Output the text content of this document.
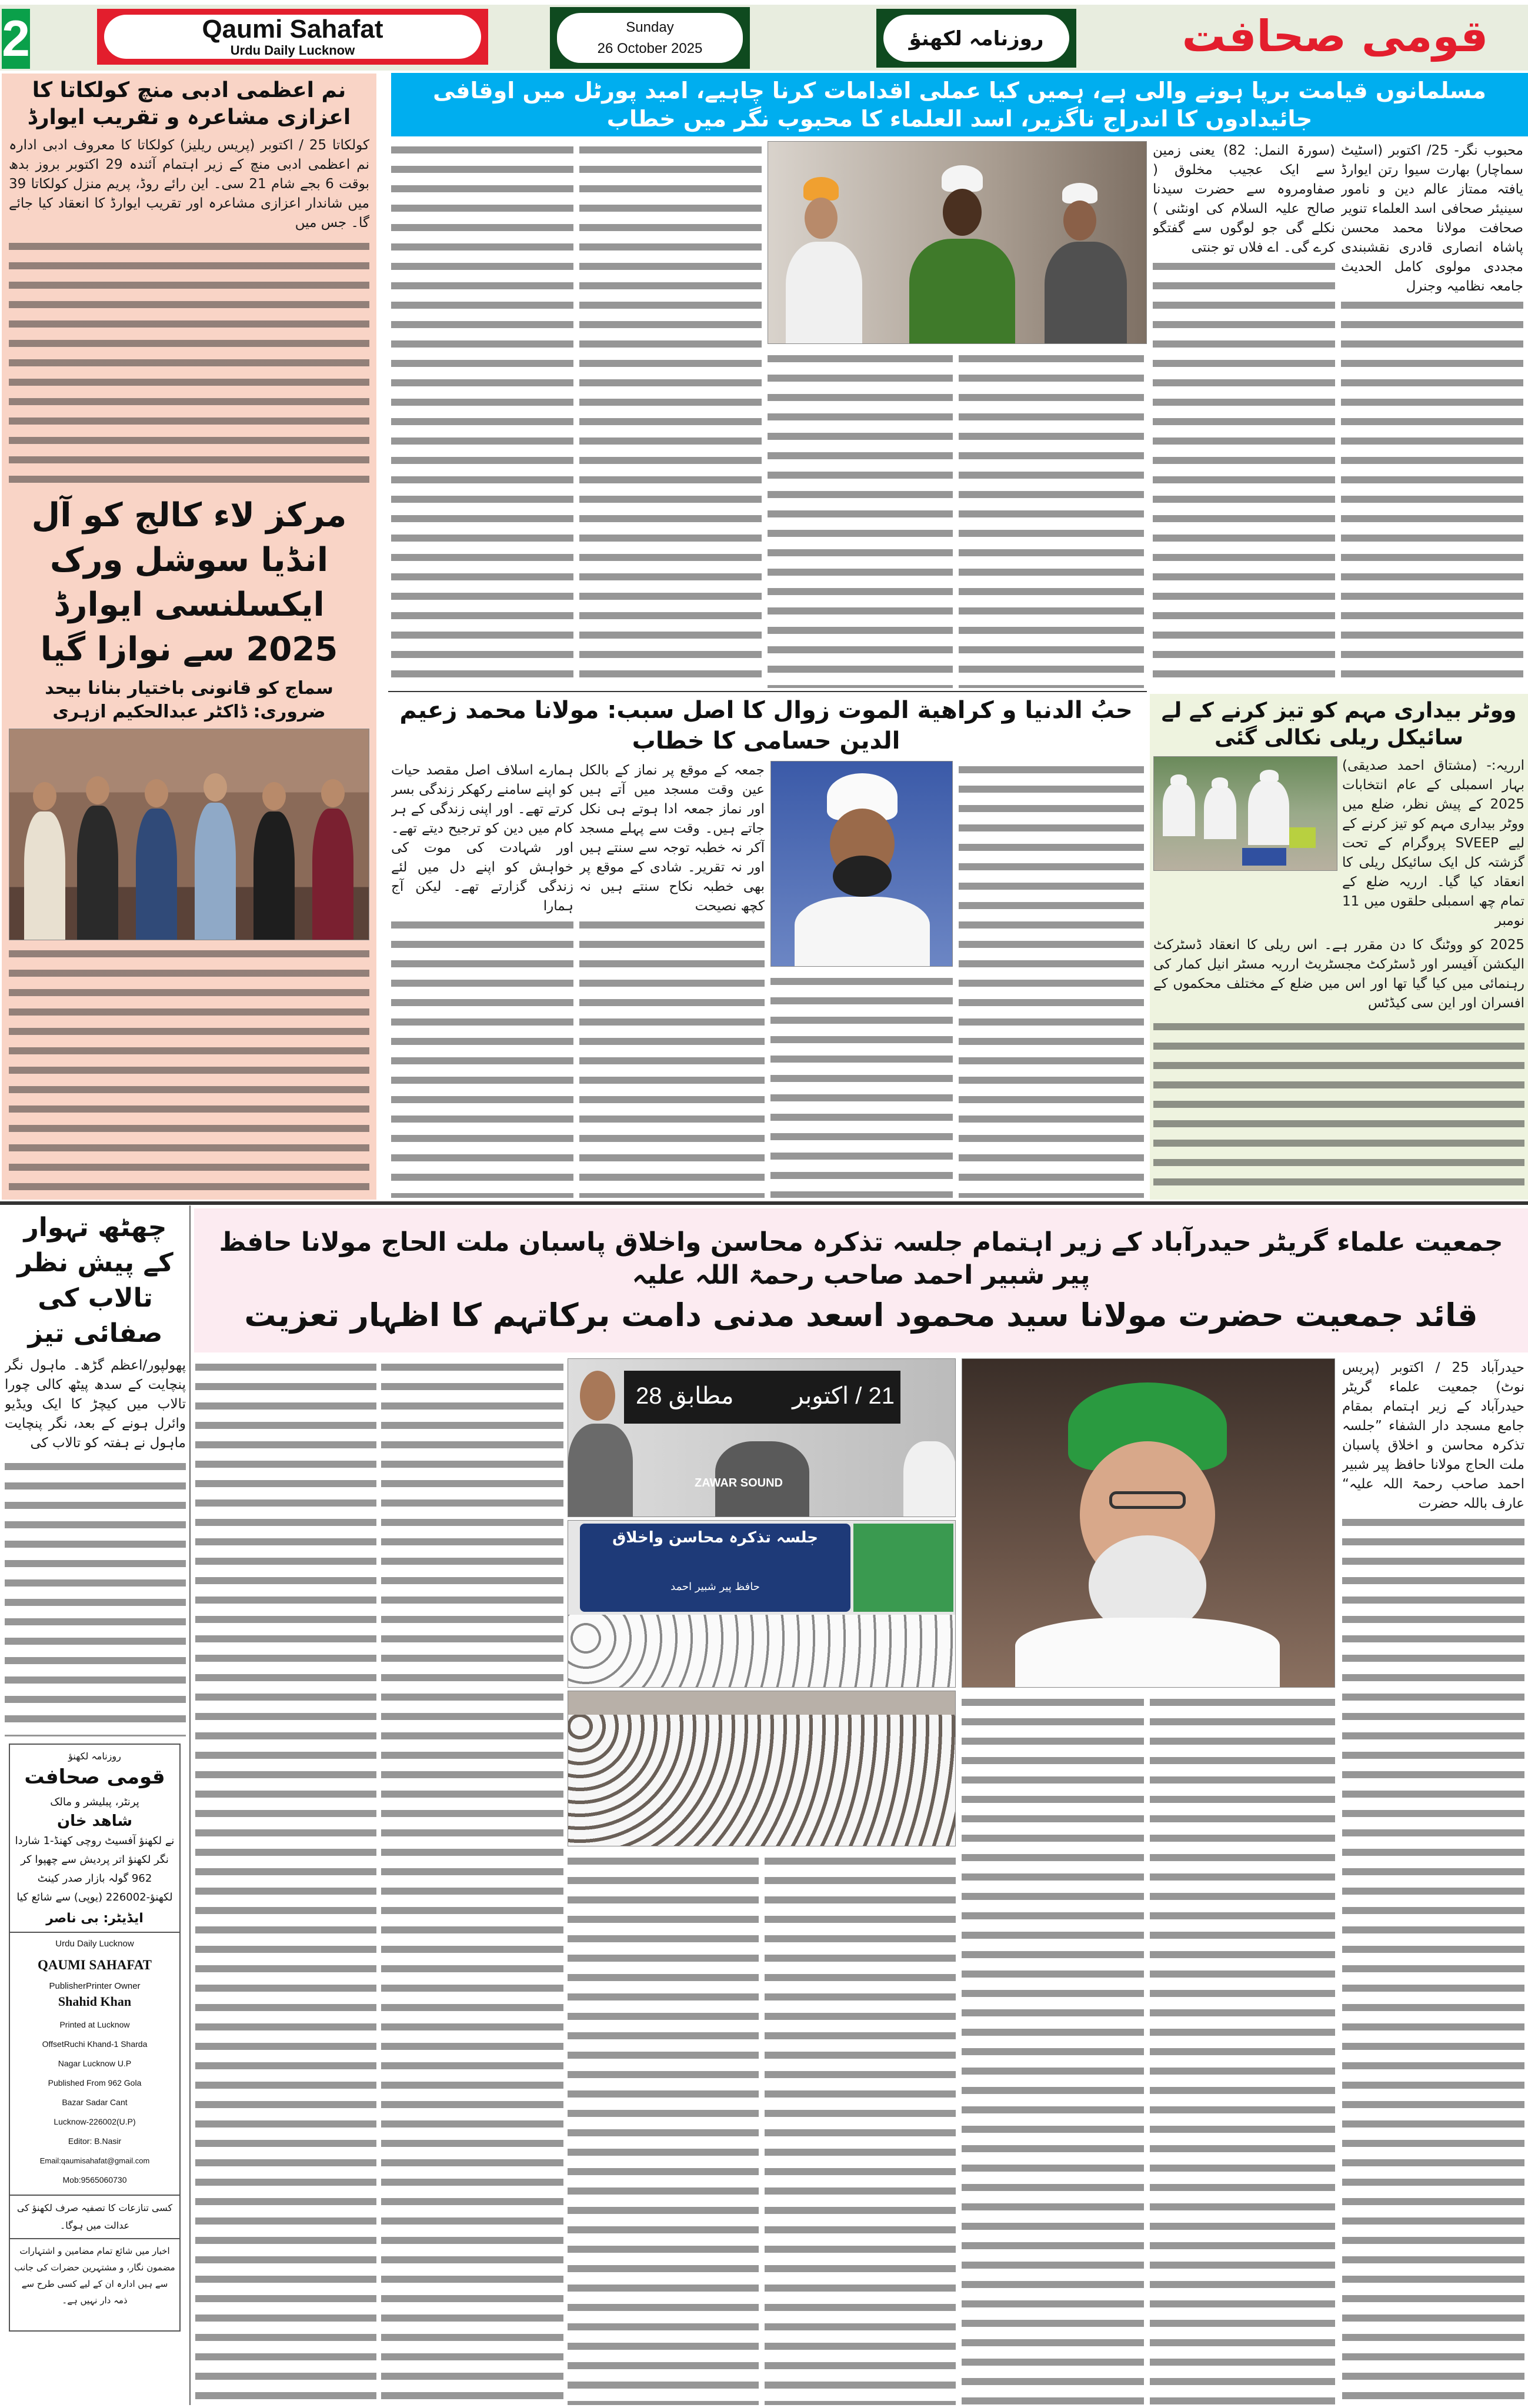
2	Qaumi Sahafat
Urdu Daily Lucknow
Sunday
26 October 2025	روزنامہ لکھنؤ	قومی صحافت
مسلمانوں قیامت برپا ہونے والی ہے، ہمیں کیا عملی اقدامات کرنا چاہیے، امید پورٹل میں اوقافی جائیدادوں کا اندراج ناگزیر، اسد العلماء کا محبوب نگر میں خطاب
نم اعظمی ادبی منچ کولکاتا کا اعزازی مشاعرہ و تقریب ایوارڈ
کولکاتا 25 / اکتوبر (پریس ریلیز) کولکاتا کا معروف ادبی ادارہ نم اعظمی ادبی منچ کے زیر اہتمام آئندہ 29 اکتوبر بروز بدھ بوقت 6 بجے شام 21 سی۔ این رائے روڈ، پریم منزل کولکاتا 39 میں شاندار اعزازی مشاعرہ اور تقریب ایوارڈ کا انعقاد کیا جائے گا۔ جس میں
مرکز لاء کالج کو آل انڈیا سوشل ورک ایکسلنسی ایوارڈ 2025 سے نوازا گیا
سماج کو قانونی باختیار بنانا بیحد ضروری: ڈاکٹر عبدالحکیم ازہری
محبوب نگر- 25/ اکتوبر (اسٹیٹ سماچار) بھارت سیوا رتن ایوارڈ یافتہ ممتاز عالم دین و نامور سینیئر صحافی اسد العلماء تنویر صحافت مولانا محمد محسن پاشاہ انصاری قادری نقشبندی مجددی مولوی کامل الحدیث جامعہ نظامیہ وجنرل
(سورۃ النمل: 82) یعنی زمین سے ایک عجیب مخلوق ( صفاومروہ سے حضرت سیدنا صالح علیہ السلام کی اونٹنی ) نکلے گی جو لوگوں سے گفتگو کرے گی۔ اے فلاں تو جنتی
حبُ الدنیا و کراھیة الموت زوال کا اصل سبب: مولانا محمد زعیم الدین حسامی کا خطاب
جمعہ کے موقع پر نماز کے بالکل عین وقت مسجد میں آتے ہیں اور نماز جمعہ ادا ہوتے ہی نکل جاتے ہیں۔ وقت سے پہلے مسجد آکر نہ خطبہ توجہ سے سنتے ہیں اور نہ تقریر۔ شادی کے موقع پر بھی خطبہ نکاح سنتے ہیں نہ کچھ نصیحت
ہمارے اسلاف اصل مقصد حیات کو اپنے سامنے رکھکر زندگی بسر کرتے تھے۔ اور اپنی زندگی کے ہر کام میں دین کو ترجیح دیتے تھے۔ اور شہادت کی موت کی خواہش کو اپنے دل میں لئے زندگی گزارتے تھے۔ لیکن آج ہمارا
ووٹر بیداری مہم کو تیز کرنے کے لے سائیکل ریلی نکالی گئی
ارریہ:- (مشتاق احمد صدیقی) بہار اسمبلی کے عام انتخابات 2025 کے پیش نظر، ضلع میں ووٹر بیداری مہم کو تیز کرنے کے لیے SVEEP پروگرام کے تحت گزشتہ کل ایک سائیکل ریلی کا انعقاد کیا گیا۔ ارریہ ضلع کے تمام چھ اسمبلی حلقوں میں 11 نومبر
2025 کو ووٹنگ کا دن مقرر ہے۔ اس ریلی کا انعقاد ڈسٹرکٹ الیکشن آفیسر اور ڈسٹرکٹ مجسٹریٹ ارریہ مسٹر انیل کمار کی رہنمائی میں کیا گیا تھا اور اس میں ضلع کے مختلف محکموں کے افسران اور این سی کیڈٹس
چھٹھ تہوار کے پیش نظر تالاب کی صفائی تیز
پھولپور/اعظم گڑھ۔ ماہول نگر پنچایت کے سدھ پیٹھ کالی چورا تالاب میں کیچڑ کا ایک ویڈیو وائرل ہونے کے بعد، نگر پنچایت ماہول نے ہفتہ کو تالاب کی
روزنامہ لکھنؤ
قومی صحافت
پرنٹر، پبلیشر و مالک
شاھد خان
نے لکھنؤ آفسیٹ روچی کھنڈ-1 شاردا نگر لکھنؤ اتر پردیش سے چھپوا کر 962 گولہ بازار صدر کینٹ لکھنؤ-226002 (یوپی) سے شائع کیا
ایڈیٹر: بی ناصر
Urdu Daily Lucknow
QAUMI SAHAFAT
PublisherPrinter Owner
Shahid Khan
Printed at Lucknow
OffsetRuchi Khand-1 Sharda
Nagar Lucknow U.P
Published From 962 Gola
Bazar Sadar Cant
Lucknow-226002(U.P)
Editor: B.Nasir
Email:qaumisahafat@gmail.com
Mob:9565060730
کسی تنازعات کا تصفیہ صرف لکھنؤ کی عدالت میں ہوگا۔
اخبار میں شائع تمام مضامین و اشتہارات مضمون نگار، و مشتہرین حضرات کی جانب سے ہیں ادارہ ان کے لیے کسی طرح سے ذمہ دار نہیں ہے۔
جمعیت علماء گریٹر حیدرآباد کے زیر اہتمام جلسہ تذکرہ محاسن واخلاق پاسبان ملت الحاج مولانا حافظ پیر شبیر احمد صاحب رحمۃ اللہ علیہ
قائد جمعیت حضرت مولانا سید محمود اسعد مدنی دامت برکاتہم کا اظہار تعزیت
حیدرآباد 25 / اکتوبر (پریس نوٹ) جمعیت علماء گریٹر حیدرآباد کے زیر اہتمام بمقام جامع مسجد دار الشفاء ”جلسہ تذکرہ محاسن و اخلاق پاسبان ملت الحاج مولانا حافظ پیر شبیر احمد صاحب رحمۃ اللہ علیہ“ عارف باللہ حضرت
28 مطابق	21 / اکتوبر
ZAWAR SOUND
جلسہ تذکرہ محاسن واخلاق
حافظ پیر شبیر احمد
